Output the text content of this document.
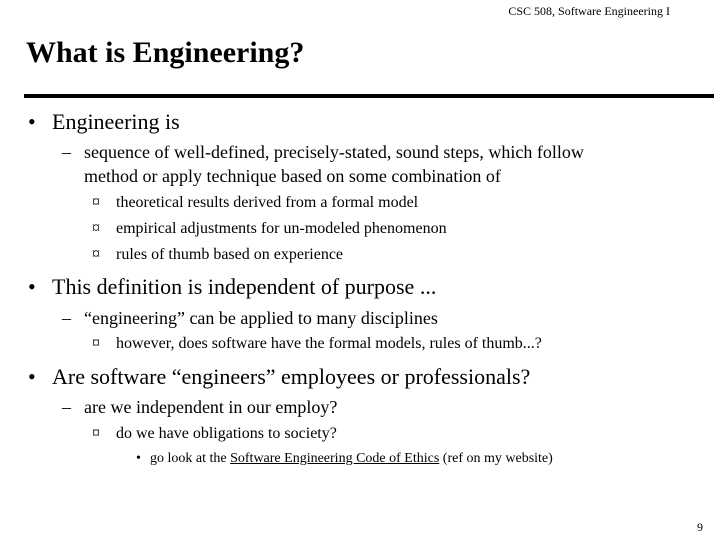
CSC 508, Software Engineering I
What is Engineering?
• Engineering is
– sequence of well-defined, precisely-stated, sound steps, which follow
method or apply technique based on some combination of
¤ theoretical results derived from a formal model
¤ empirical adjustments for un-modeled phenomenon
¤ rules of thumb based on experience
• This definition is independent of purpose ...
– “engineering” can be applied to many disciplines
¤ however, does software have the formal models, rules of thumb...?
• Are software “engineers” employees or professionals?
– are we independent in our employ?
¤ do we have obligations to society?
• go look at the Software Engineering Code of Ethics (ref on my website)
9
